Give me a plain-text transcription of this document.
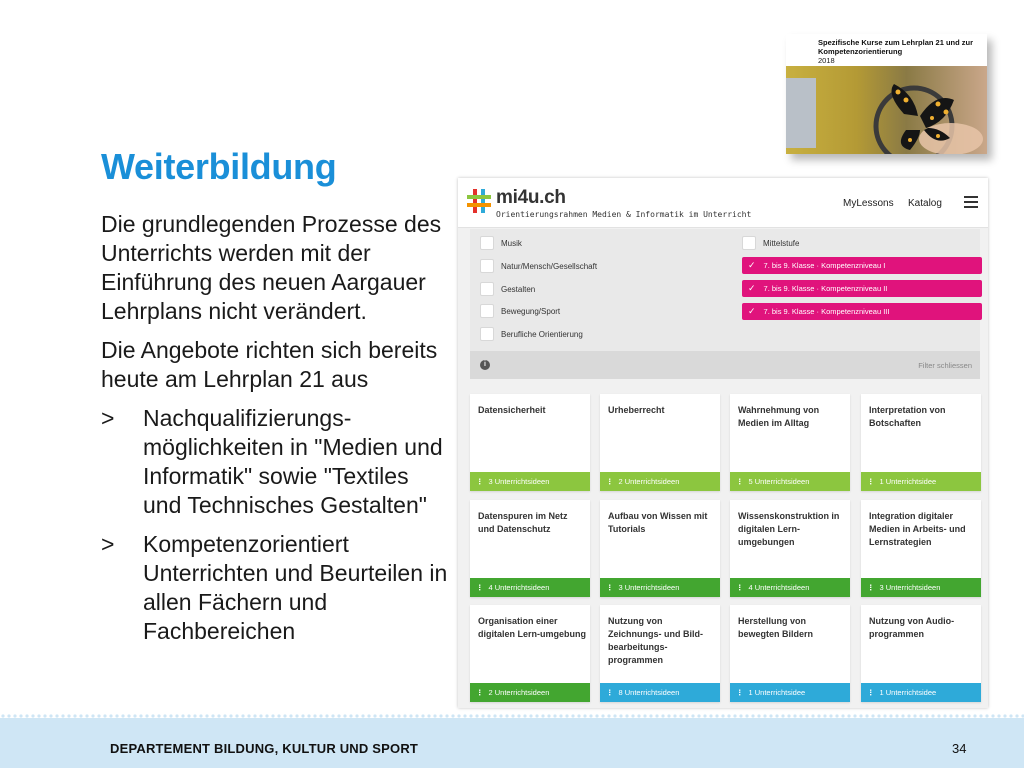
Weiterbildung

Die grundlegenden Prozesse des Unterrichts werden mit der Einführung des neuen Aargauer Lehrplans nicht verändert.

Die Angebote richten sich bereits heute am Lehrplan 21 aus

>	Nachqualifizierungs-möglichkeiten in "Medien und Informatik" sowie "Textiles und Technisches Gestalten"
>	Kompetenzorientiert Unterrichten und Beurteilen in allen Fächern und Fachbereichen
Spezifische Kurse zum Lehrplan 21 und zur Kompetenzorientierung
2018
mi4u.ch
Orientierungsrahmen Medien & Informatik im Unterricht
MyLessons Katalog
Musik
Natur/Mensch/Gesellschaft
Gestalten
Bewegung/Sport
Berufliche Orientierung
Mittelstufe
✓ 7. bis 9. Klasse · Kompetenzniveau I
✓ 7. bis 9. Klasse · Kompetenzniveau II
✓ 7. bis 9. Klasse · Kompetenzniveau III
i	Filter schliessen
Datensicherheit
⋮ 3 Unterrichtsideen
Urheberrecht
⋮ 2 Unterrichtsideen
Wahrnehmung von Medien im Alltag
⋮ 5 Unterrichtsideen
Interpretation von Botschaften
⋮ 1 Unterrichtsidee
Datenspuren im Netz und Datenschutz
⋮ 4 Unterrichtsideen
Aufbau von Wissen mit Tutorials
⋮ 3 Unterrichtsideen
Wissenskonstruktion in digitalen Lern-umgebungen
⋮ 4 Unterrichtsideen
Integration digitaler Medien in Arbeits- und Lernstrategien
⋮ 3 Unterrichtsideen
Organisation einer digitalen Lern-umgebung
⋮ 2 Unterrichtsideen
Nutzung von Zeichnungs- und Bild-bearbeitungs-programmen
⋮ 8 Unterrichtsideen
Herstellung von bewegten Bildern
⋮ 1 Unterrichtsidee
Nutzung von Audio-programmen
⋮ 1 Unterrichtsidee
DEPARTEMENT BILDUNG, KULTUR UND SPORT	34
